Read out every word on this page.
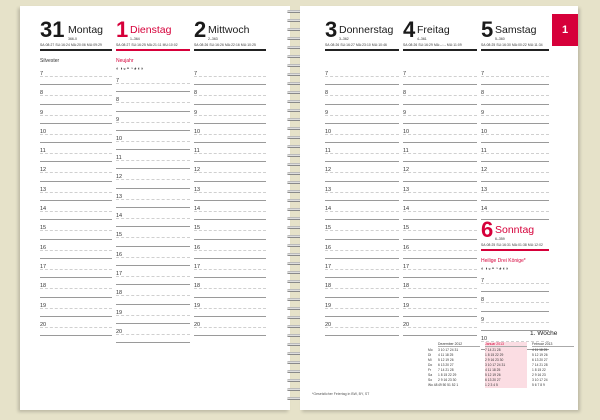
31 Montag
366-0
SA:08:27 SU:16:24 MA:20:06 MU:09:29
Silvester
7
8
9
10
11
12
13
14
15
16
17
18
19
20
1 Dienstag
1–364
SA:08:27 SU:16:25 MA:21:11 MU:10:02
Neujahr
◐◑◒◓◔◕◖◗
7
8
9
10
11
12
13
14
15
16
17
18
19
20
2 Mittwoch
2–363
SA:08:26 SU:16:26 MA:22:16 MU:10:25
7
8
9
10
11
12
13
14
15
16
17
18
19
20
1
*Gesetzlicher Feiertag in BW, BY, ST
1. Woche
Mo
Di
Mi
Do
Fr
Sa
So
Wo 48
3 Donnerstag
3–362
SA:08:26 SU:16:27 MA:23:10 MU:10:46
7
8
9
10
11
12
13
14
15
16
17
18
19
20
4 Freitag
4–361
SA:08:26 SU:16:29 MA:--:-- MU:11:09
7
8
9
10
11
12
13
14
15
16
17
18
19
20
5 Samstag
5–360
SA:08:25 SU:16:30 MA:00:22 MU:11:34
7
8
9
10
11
12
13
14
6 Sonntag
6–359
SA:08:25 SU:16:31 MA:01:38 MU:12:02
Heilige Drei Könige*
◐◑◒◓◔◕◖◗
7
8
9
10
Dezember 2012
3 10 17 24 31
4 11 18 25
5 12 19 26
6 13 20 27
7 14 21 28
1 8 15 22 29
2 9 16 23 30
49 50 51 52 1
Januar 2013
7 14 21 28
1 8 15 22 29
2 9 16 23 30
3 10 17 24 31
4 11 18 25
5 12 19 26
6 13 20 27
1 2 3 4 5
Februar 2013
4 11 18 25
5 12 19 26
6 13 20 27
7 14 21 28
1 8 15 22
2 9 16 23
3 10 17 24
5 6 7 8 9
